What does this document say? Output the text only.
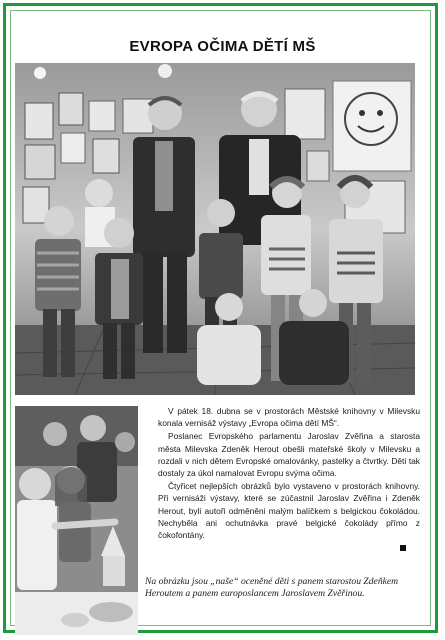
EVROPA OČIMA DĚTÍ MŠ

V pátek 18. dubna se v prostorách Městské knihovny v Milevsku konala vernisáž výstavy „Evropa očima dětí MŠ“.

Poslanec Evropského parlamentu Jaroslav Zvěřina a starosta města Milevska Zdeněk Herout obešli mateřské školy v Milevsku a rozdali v nich dětem Evropské omalovánky, pastelky a čtvrtky. Děti tak dostaly za úkol namalovat Evropu svýma očima.

Čtyřicet nejlepších obrázků bylo vystaveno v prostorách knihovny. Při vernisáži výstavy, které se zúčastnil Jaroslav Zvěřina i Zdeněk Herout, byli autoři odměněni malým balíčkem s belgickou čokoládou. Nechyběla ani ochutnávka pravé belgické čokolády přímo z čokofontány.

Na obrázku jsou „naše“ oceněné děti s panem starostou Zdeňkem Heroutem a panem europoslancem Jaroslavem Zvěřinou.
